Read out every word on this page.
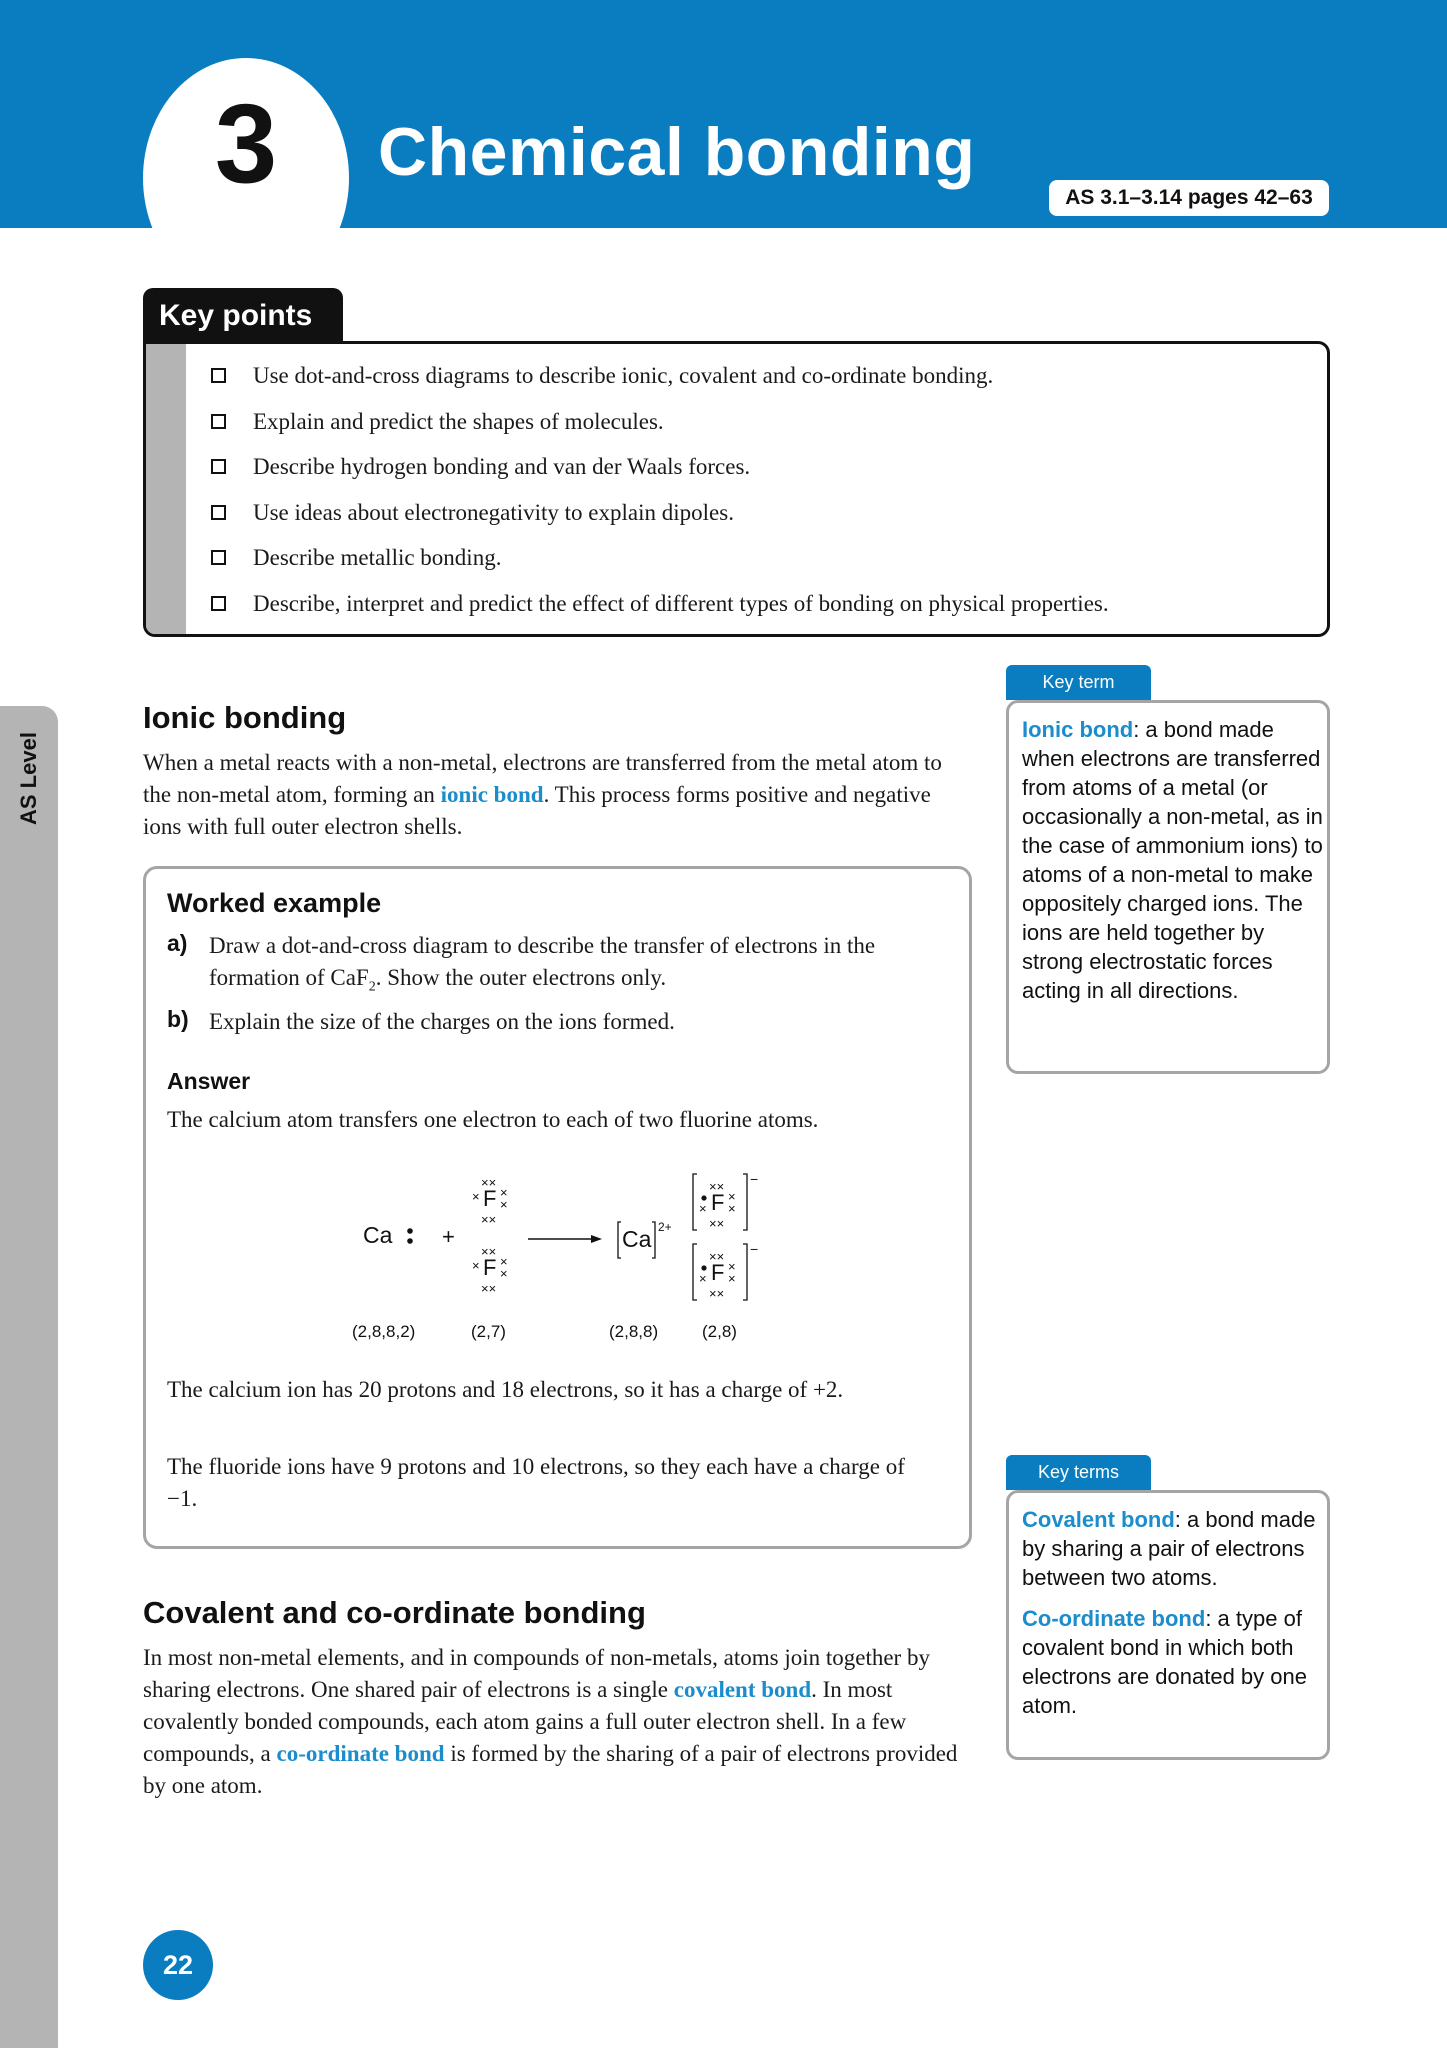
3	Chemical bonding
AS 3.1–3.14 pages 42–63
AS Level
Key points
Use dot-and-cross diagrams to describe ionic, covalent and co-ordinate bonding.
Explain and predict the shapes of molecules.
Describe hydrogen bonding and van der Waals forces.
Use ideas about electronegativity to explain dipoles.
Describe metallic bonding.
Describe, interpret and predict the effect of different types of bonding on physical properties.
Ionic bonding
When a metal reacts with a non-metal, electrons are transferred from the metal atom to the non-metal atom, forming an ionic bond. This process forms positive and negative ions with full outer electron shells.
Worked example
a) Draw a dot-and-cross diagram to describe the transfer of electrons in the formation of CaF$_2$. Show the outer electrons only.
b) Explain the size of the charges on the ions formed.
Answer
The calcium atom transfers one electron to each of two fluorine atoms.
Ca +
F
××
××
× ×
×
F
××
××
× ×
×
Ca 2+
−
F
××
××
×
×
×
−
F
××
××
×
×
×
(2,8,8,2)	(2,7)	(2,8,8)	(2,8)
The calcium ion has 20 protons and 18 electrons, so it has a charge of +2.
The fluoride ions have 9 protons and 10 electrons, so they each have a charge of −1.
Covalent and co-ordinate bonding
In most non-metal elements, and in compounds of non-metals, atoms join together by sharing electrons. One shared pair of electrons is a single covalent bond. In most covalently bonded compounds, each atom gains a full outer electron shell. In a few compounds, a co-ordinate bond is formed by the sharing of a pair of electrons provided by one atom.
Key term

Ionic bond: a bond made when electrons are transferred from atoms of a metal (or occasionally a non-metal, as in the case of ammonium ions) to atoms of a non-metal to make oppositely charged ions. The ions are held together by strong electrostatic forces acting in all directions.

Key terms

Covalent bond: a bond made by sharing a pair of electrons between two atoms.

Co-ordinate bond: a type of covalent bond in which both electrons are donated by one atom.

22
